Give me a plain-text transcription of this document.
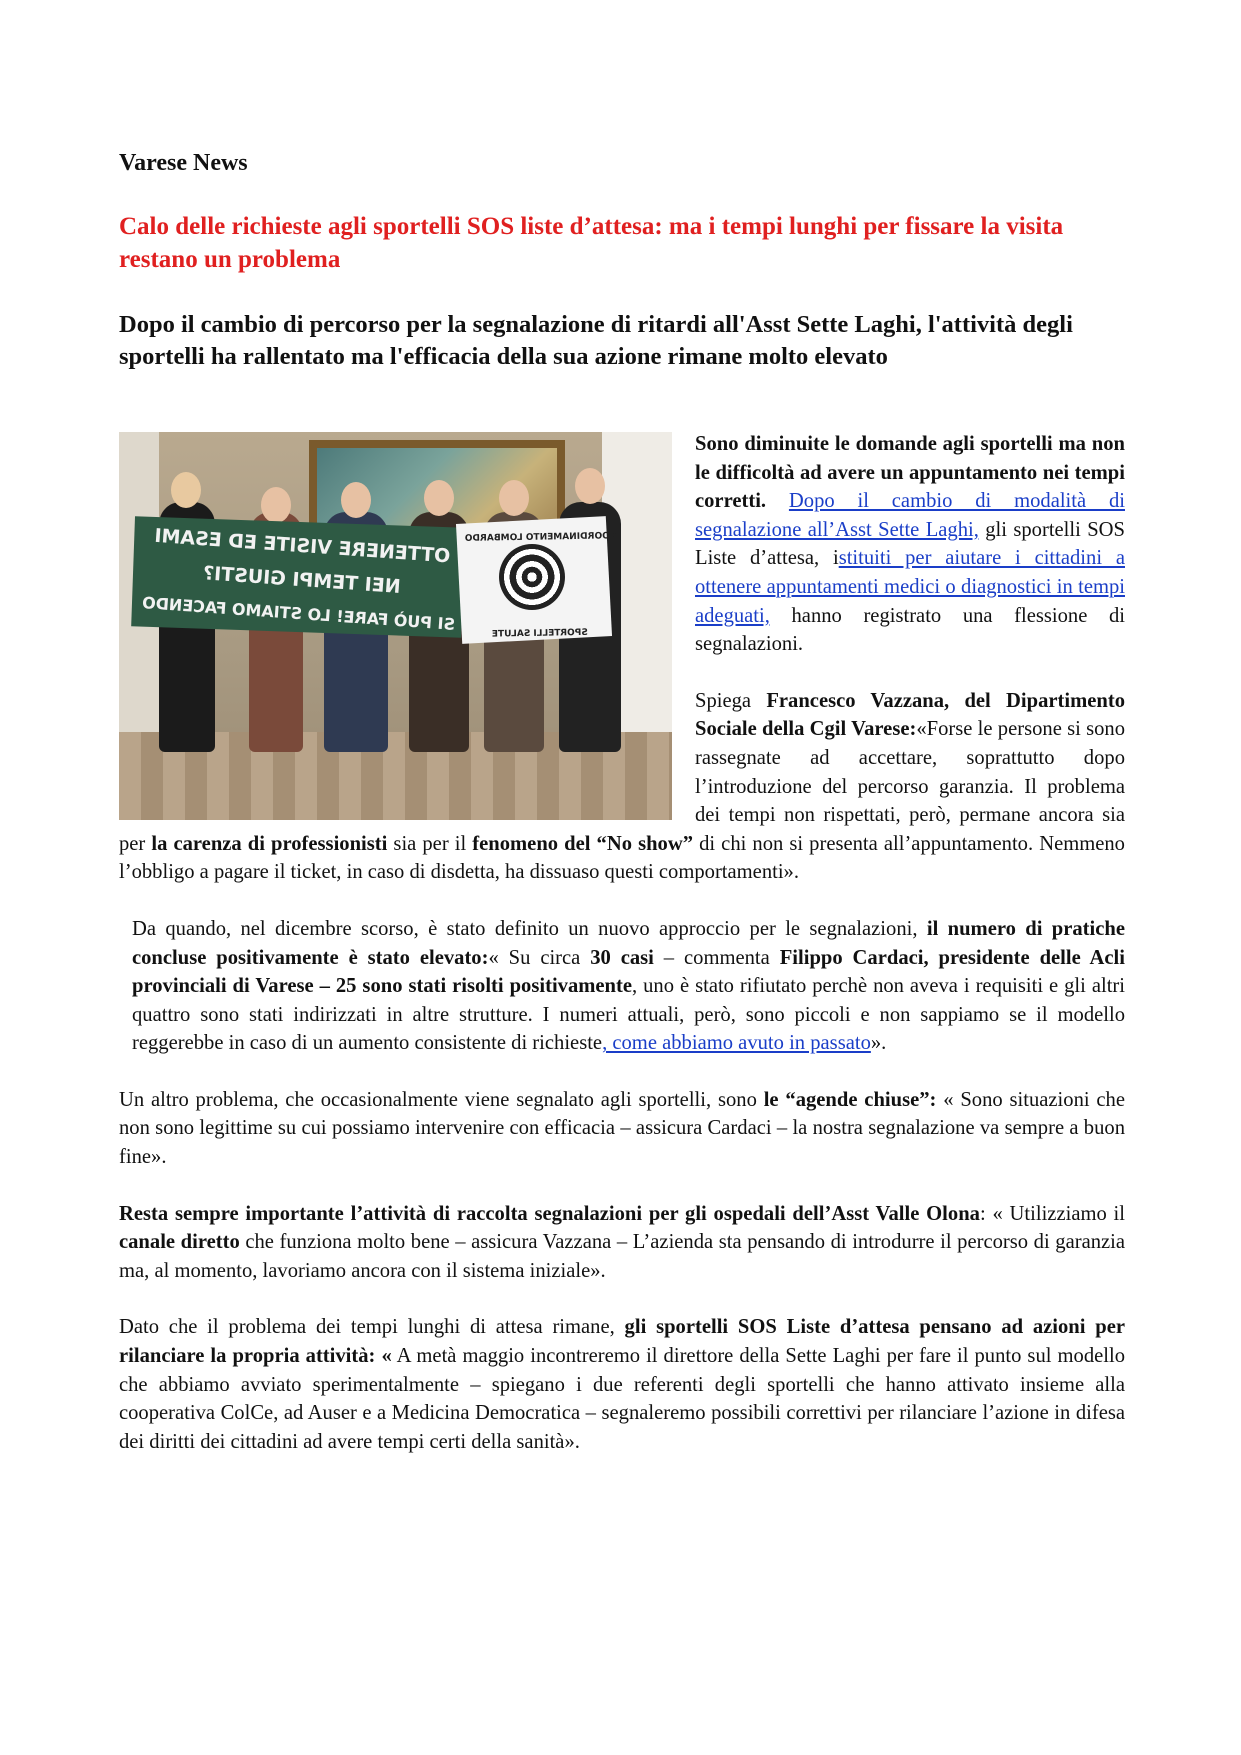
Varese News
Calo delle richieste agli sportelli SOS liste d’attesa: ma i tempi lunghi per fissare la visita restano un problema
Dopo il cambio di percorso per la segnalazione di ritardi all'Asst Sette Laghi, l'attività degli sportelli ha rallentato ma l'efficacia della sua azione rimane molto elevato
OTTENERE VISITE ED ESAMI
NEI TEMPI GIUSTI?
SI PUÒ FARE! LO STIAMO FACENDO
COORDINAMENTO LOMBARDO
SPORTELLI SALUTE

Sono diminuite le domande agli sportelli ma non le difficoltà ad avere un appuntamento nei tempi corretti. Dopo il cambio di modalità di segnalazione all’Asst Sette Laghi, gli sportelli SOS Liste d’attesa, istituiti per aiutare i cittadini a ottenere appuntamenti medici o diagnostici in tempi adeguati, hanno registrato una flessione di segnalazioni.

Spiega Francesco Vazzana, del Dipartimento Sociale della Cgil Varese:«Forse le persone si sono rassegnate ad accettare, soprattutto dopo l’introduzione del percorso garanzia. Il problema dei tempi non rispettati, però, permane ancora sia per la carenza di professionisti sia per il fenomeno del “No show” di chi non si presenta all’appuntamento. Nemmeno l’obbligo a pagare il ticket, in caso di disdetta, ha dissuaso questi comportamenti».

Da quando, nel dicembre scorso, è stato definito un nuovo approccio per le segnalazioni, il numero di pratiche concluse positivamente è stato elevato:« Su circa 30 casi – commenta Filippo Cardaci, presidente delle Acli provinciali di Varese – 25 sono stati risolti positivamente, uno è stato rifiutato perchè non aveva i requisiti e gli altri quattro sono stati indirizzati in altre strutture. I numeri attuali, però, sono piccoli e non sappiamo se il modello reggerebbe in caso di un aumento consistente di richieste, come abbiamo avuto in passato».

Un altro problema, che occasionalmente viene segnalato agli sportelli, sono le “agende chiuse”: « Sono situazioni che non sono legittime su cui possiamo intervenire con efficacia – assicura Cardaci – la nostra segnalazione va sempre a buon fine».

Resta sempre importante l’attività di raccolta segnalazioni per gli ospedali dell’Asst Valle Olona: « Utilizziamo il canale diretto che funziona molto bene – assicura Vazzana – L’azienda sta pensando di introdurre il percorso di garanzia ma, al momento, lavoriamo ancora con il sistema iniziale».

Dato che il problema dei tempi lunghi di attesa rimane, gli sportelli SOS Liste d’attesa pensano ad azioni per rilanciare la propria attività: « A metà maggio incontreremo il direttore della Sette Laghi per fare il punto sul modello che abbiamo avviato sperimentalmente – spiegano i due referenti degli sportelli che hanno attivato insieme alla cooperativa ColCe, ad Auser e a Medicina Democratica – segnaleremo possibili correttivi per rilanciare l’azione in difesa dei diritti dei cittadini ad avere tempi certi della sanità».
